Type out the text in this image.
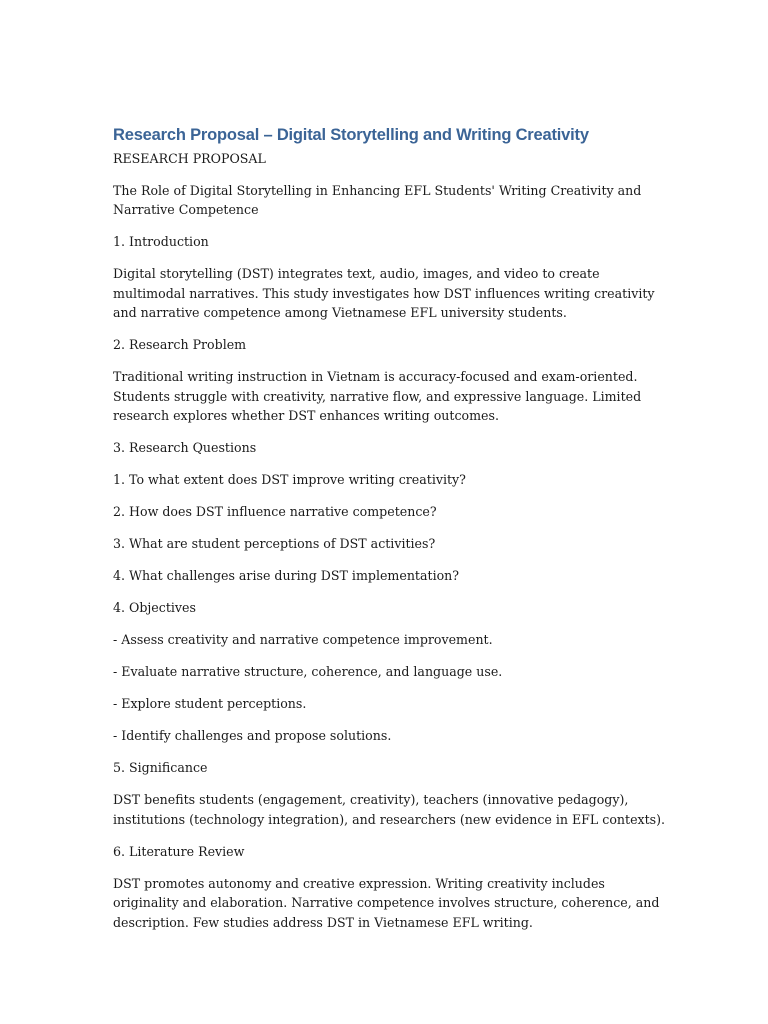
Research Proposal – Digital Storytelling and Writing Creativity
RESEARCH PROPOSAL

The Role of Digital Storytelling in Enhancing EFL Students' Writing Creativity and Narrative Competence

1. Introduction

Digital storytelling (DST) integrates text, audio, images, and video to create multimodal narratives. This study investigates how DST influences writing creativity and narrative competence among Vietnamese EFL university students.

2. Research Problem

Traditional writing instruction in Vietnam is accuracy-focused and exam-oriented. Students struggle with creativity, narrative flow, and expressive language. Limited research explores whether DST enhances writing outcomes.

3. Research Questions

1. To what extent does DST improve writing creativity?

2. How does DST influence narrative competence?

3. What are student perceptions of DST activities?

4. What challenges arise during DST implementation?

4. Objectives

- Assess creativity and narrative competence improvement.

- Evaluate narrative structure, coherence, and language use.

- Explore student perceptions.

- Identify challenges and propose solutions.

5. Significance

DST benefits students (engagement, creativity), teachers (innovative pedagogy), institutions (technology integration), and researchers (new evidence in EFL contexts).

6. Literature Review

DST promotes autonomy and creative expression. Writing creativity includes originality and elaboration. Narrative competence involves structure, coherence, and description. Few studies address DST in Vietnamese EFL writing.
